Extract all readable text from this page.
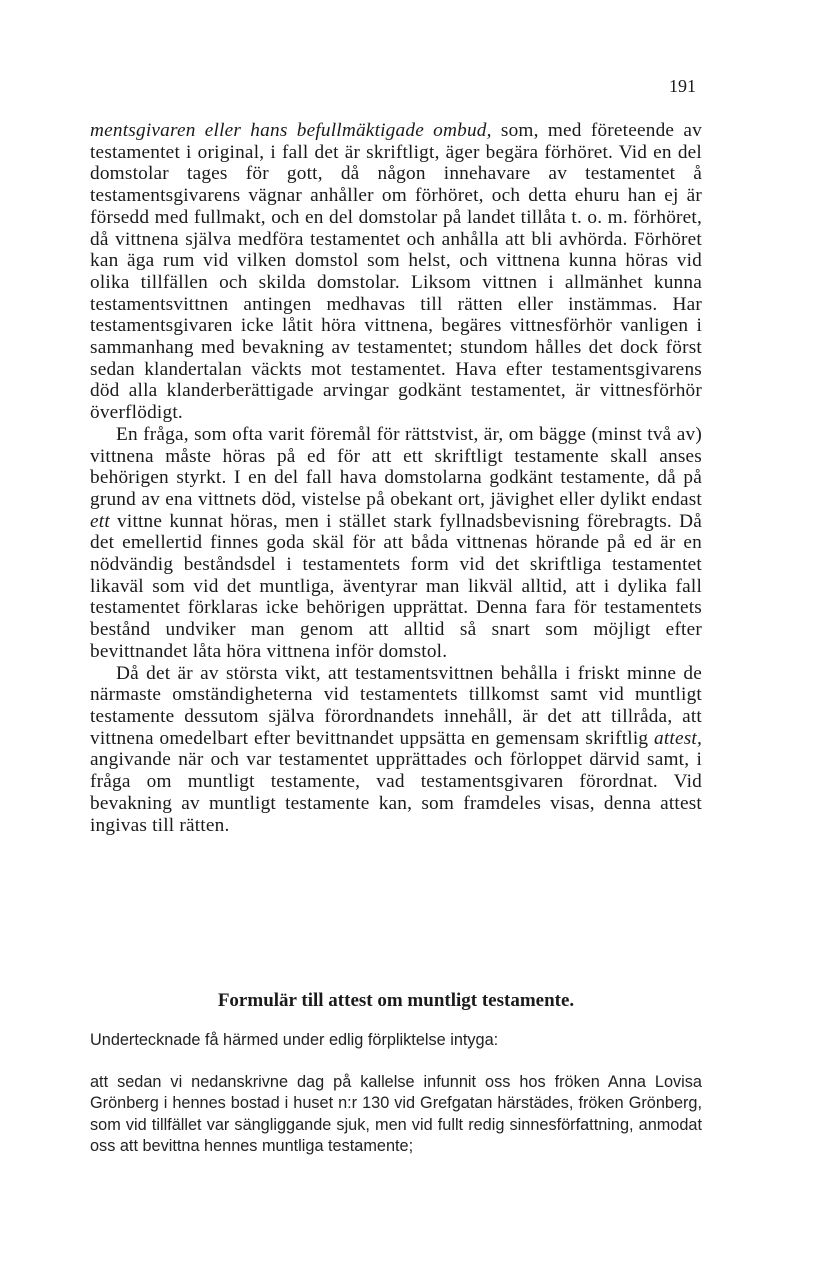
191

mentsgivaren eller hans befullmäktigade ombud, som, med företeende av testamentet i original, i fall det är skriftligt, äger begära förhöret. Vid en del domstolar tages för gott, då någon innehavare av testamentet å testamentsgivarens vägnar anhåller om förhöret, och detta ehuru han ej är försedd med fullmakt, och en del domstolar på landet tillåta t. o. m. förhöret, då vittnena själva medföra testamentet och anhålla att bli avhörda. Förhöret kan äga rum vid vilken domstol som helst, och vittnena kunna höras vid olika tillfällen och skilda domstolar. Liksom vittnen i allmänhet kunna testamentsvittnen antingen medhavas till rätten eller instämmas. Har testamentsgivaren icke låtit höra vittnena, begäres vittnesförhör vanligen i sammanhang med bevakning av testamentet; stundom hålles det dock först sedan klandertalan väckts mot testamentet. Hava efter testamentsgivarens död alla klanderberättigade arvingar godkänt testamentet, är vittnesförhör överflödigt.

En fråga, som ofta varit föremål för rättstvist, är, om bägge (minst två av) vittnena måste höras på ed för att ett skriftligt testamente skall anses behörigen styrkt. I en del fall hava domstolarna godkänt testamente, då på grund av ena vittnets död, vistelse på obekant ort, jävighet eller dylikt endast ett vittne kunnat höras, men i stället stark fyllnadsbevisning förebragts. Då det emellertid finnes goda skäl för att båda vittnenas hörande på ed är en nödvändig beståndsdel i testamentets form vid det skriftliga testamentet likaväl som vid det muntliga, äventyrar man likväl alltid, att i dylika fall testamentet förklaras icke behörigen upprättat. Denna fara för testamentets bestånd undviker man genom att alltid så snart som möjligt efter bevittnandet låta höra vittnena inför domstol.

Då det är av största vikt, att testamentsvittnen behålla i friskt minne de närmaste omständigheterna vid testamentets tillkomst samt vid muntligt testamente dessutom själva förordnandets innehåll, är det att tillråda, att vittnena omedelbart efter bevittnandet uppsätta en gemensam skriftlig attest, angivande när och var testamentet upprättades och förloppet därvid samt, i fråga om muntligt testamente, vad testamentsgivaren förordnat. Vid bevakning av muntligt testamente kan, som framdeles visas, denna attest ingivas till rätten.

Formulär till attest om muntligt testamente.

Undertecknade få härmed under edlig förpliktelse intyga:

att sedan vi nedanskrivne dag på kallelse infunnit oss hos fröken Anna Lovisa Grönberg i hennes bostad i huset n:r 130 vid Grefgatan härstädes, fröken Grönberg, som vid tillfället var sängliggande sjuk, men vid fullt redig sinnesförfattning, anmodat oss att bevittna hennes muntliga testamente;
